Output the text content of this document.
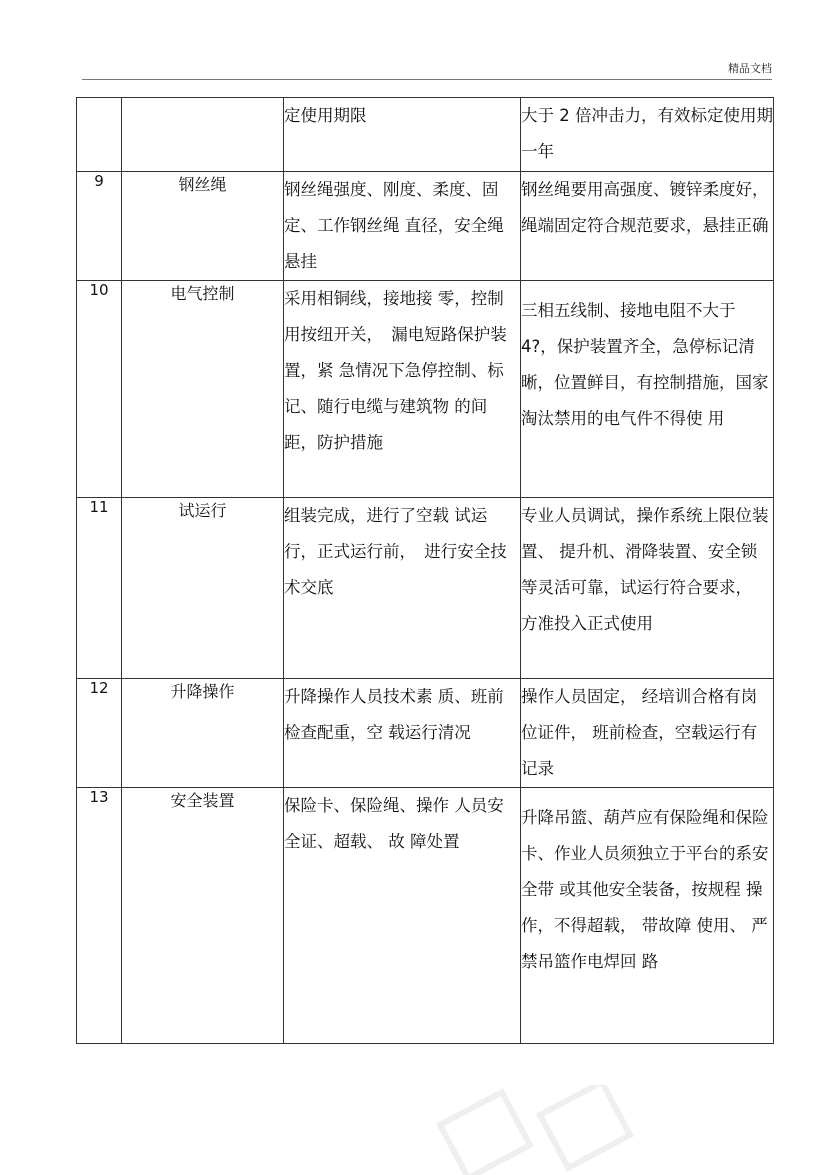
精品文档
		定使用期限	大于 2 倍冲击力，有效标定使用期一年
9	钢丝绳	钢丝绳强度、刚度、柔度、固定、工作钢丝绳 直径，安全绳悬挂	钢丝绳要用高强度、镀锌柔度好，绳端固定符合规范要求，悬挂正确
10	电气控制	采用相铜线，接地接 零，控制用按纽开关，　漏电短路保护装置，紧 急情况下急停控制、标 记、随行电缆与建筑物 的间距，防护措施	三相五线制、接地电阻不大于 4?，保护装置齐全，急停标记清晰，位置鲜目，有控制措施，国家淘汰禁用的电气件不得使 用
11	试运行	组装完成，进行了空载 试运行，正式运行前，　进行安全技术交底	专业人员调试，操作系统上限位装置、 提升机、滑降装置、安全锁等灵活可靠，试运行符合要求， 方准投入正式使用
12	升降操作	升降操作人员技术素 质、班前检查配重，空 载运行清况	操作人员固定， 经培训合格有岗位证件， 班前检查，空载运行有记录
13	安全装置	保险卡、保险绳、操作 人员安全证、超载、 故 障处置	升降吊篮、葫芦应有保险绳和保险卡、作业人员须独立于平台的系安全带 或其他安全装备，按规程 操作，不得超载， 带故障 使用、 严禁吊篮作电焊回 路
